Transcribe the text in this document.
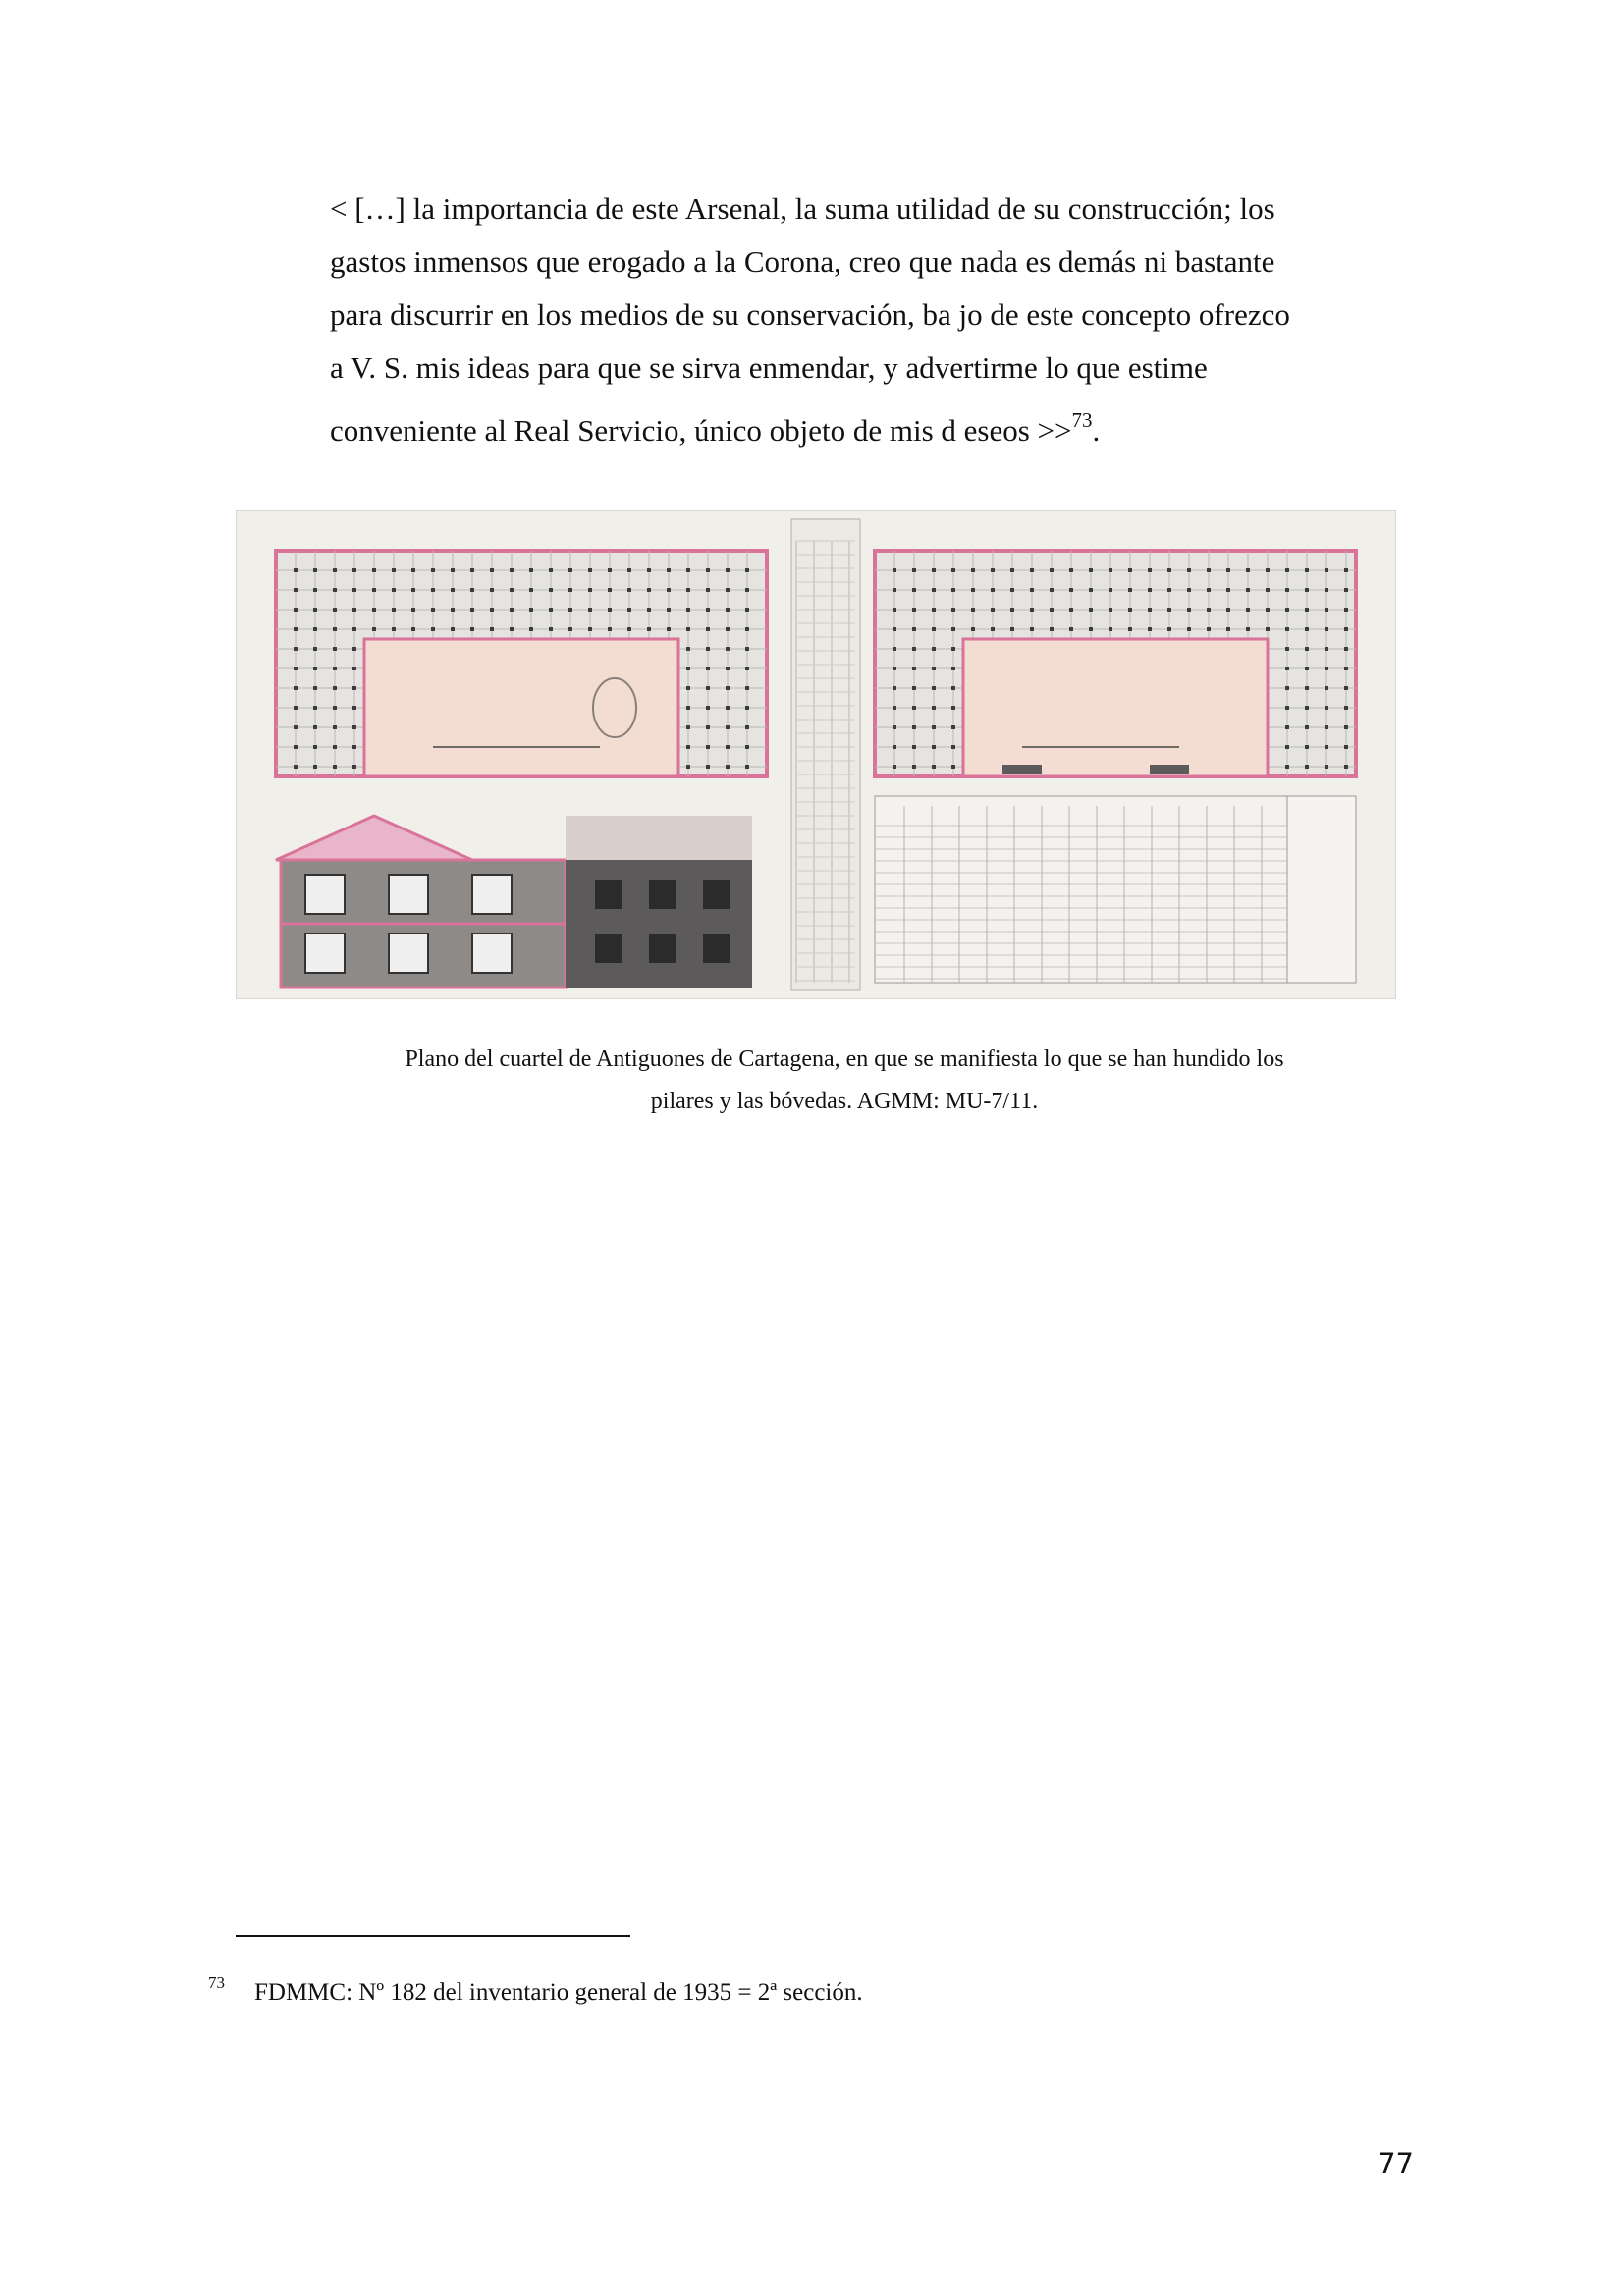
< […] la importancia de este Arsenal, la suma utilidad de su construcción; los

gastos inmensos que erogado a la Corona, creo que nada es demás ni bastante

para discurrir en los medios de su conservación, ba jo de este concepto ofrezco

a V. S. mis ideas para que se sirva enmendar, y advertirme lo que estime

conveniente al Real Servicio, único objeto de mis d eseos >>$^{73}$.

Plano del cuartel de Antiguones de Cartagena, en que se manifiesta lo que se han hundido los
pilares y las bóvedas. AGMM: MU-7/11.
$^{73}$ FDMMC: Nº 182 del inventario general de 1935 = 2ª sección.
77
